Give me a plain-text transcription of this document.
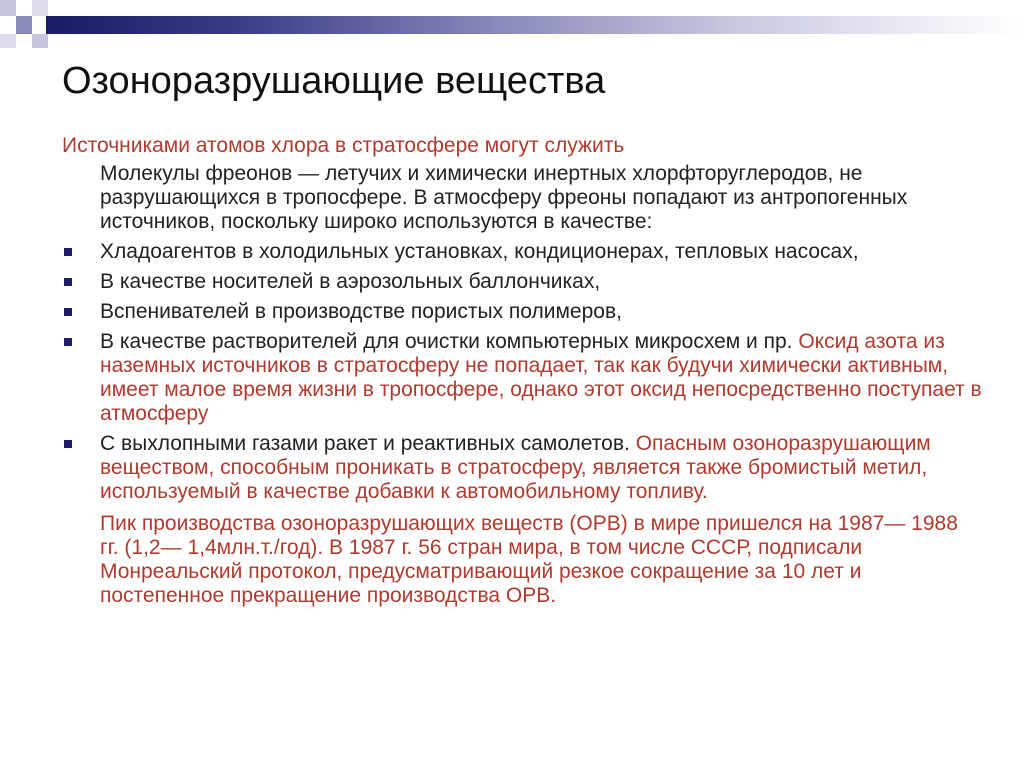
Озоноразрушающие вещества
Источниками атомов хлора в стратосфере могут служить
Молекулы фреонов — летучих и химически инертных хлорфторуглеродов, не разрушающихся в тропосфере. В атмосферу фреоны попадают из антропогенных источников, поскольку широко используются в качестве:
Хладоагентов в холодильных установках, кондиционерах, тепловых насосах,
В качестве носителей в аэрозольных баллончиках,
Вспенивателей в производстве пористых полимеров,
В качестве растворителей для очистки компьютерных микросхем и пр. Оксид азота из наземных источников в стратосферу не попадает, так как будучи химически активным, имеет малое время жизни в тропосфере, однако этот оксид непосредственно поступает в атмосферу
С выхлопными газами ракет и реактивных самолетов. Опасным озоноразрушающим веществом, способным проникать в стратосферу, является также бромистый метил, используемый в качестве добавки к автомобильному топливу.
Пик производства озоноразрушающих веществ (ОРВ) в мире пришелся на 1987— 1988 гг. (1,2— 1,4млн.т./год). В 1987 г. 56 стран мира, в том числе СССР, подписали Монреальский протокол, предусматривающий резкое сокращение за 10 лет и постепенное прекращение производства ОРВ.
